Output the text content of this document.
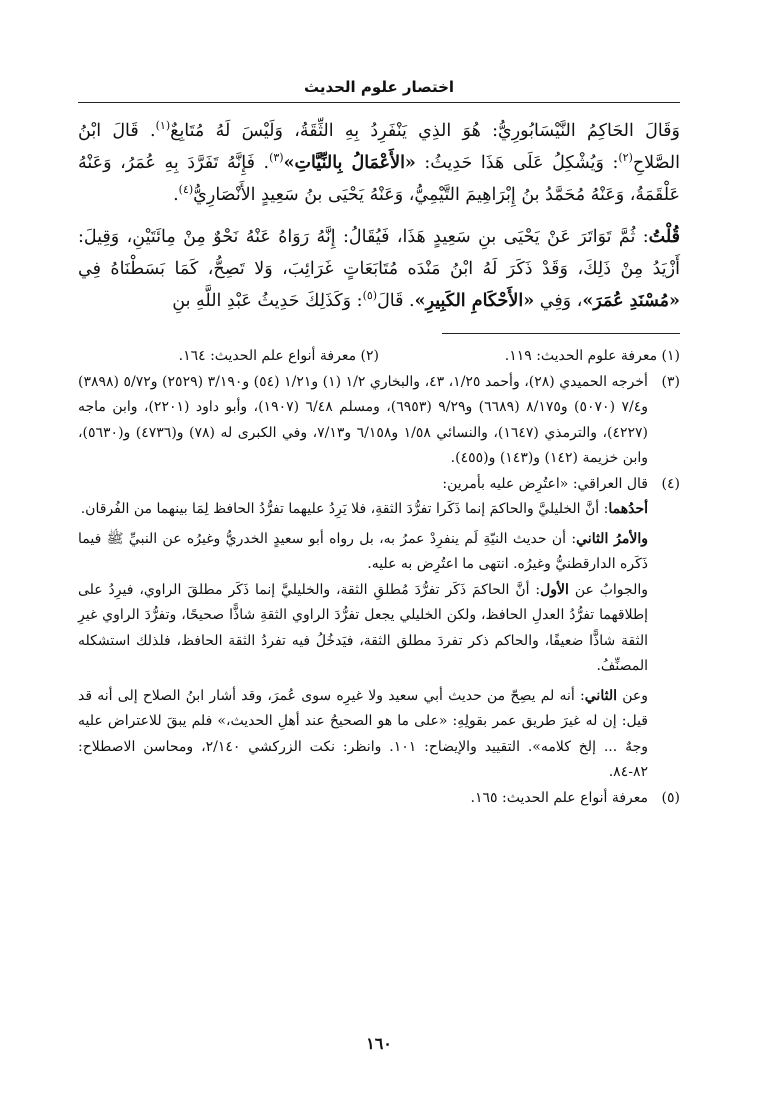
اختصار علوم الحديث

وَقَالَ الحَاكِمُ النَّيْسَابُورِيُّ: هُوَ الذِي يَنْفَرِدُ بِهِ الثِّقَةُ، وَلَيْسَ لَهُ مُتَابِعٌ$^{(١)}$. قَالَ ابْنُ الصَّلاحِ$^{(٢)}$: وَيُشْكِلُ عَلَى هَذَا حَدِيثُ: «الأَعْمَالُ بِالنِّيَّاتِ»$^{(٣)}$. فَإِنَّهُ تَفَرَّدَ بِهِ عُمَرُ، وَعَنْهُ عَلْقَمَةُ، وَعَنْهُ مُحَمَّدُ بنُ إِبْرَاهِيمَ التَّيْمِيُّ، وَعَنْهُ يَحْيَى بنُ سَعِيدٍ الأَنْصَارِيُّ$^{(٤)}$.

قُلْتُ: ثُمَّ تَوَاتَرَ عَنْ يَحْيَى بنِ سَعِيدٍ هَذَا، فَيُقَالُ: إِنَّهُ رَوَاهُ عَنْهُ نَحْوٌ مِنْ مِائَتَيْنِ، وَقِيلَ: أَزْيَدُ مِنْ ذَلِكَ، وَقَدْ ذَكَرَ لَهُ ابْنُ مَنْدَه مُتَابَعَاتٍ غَرَائِبَ، وَلا تَصِحُّ، كَمَا بَسَطْنَاهُ فِي «مُسْنَدِ عُمَرَ»، وَفِي «الأَحْكَامِ الكَبِيرِ». قَالَ$^{(٥)}$: وَكَذَلِكَ حَدِيثُ عَبْدِ اللَّهِ بنِ

(١) معرفة علوم الحديث: ١١٩.
(٢) معرفة أنواع علم الحديث: ١٦٤.
(٣)
أخرجه الحميدي (٢٨)، وأحمد ١/٢٥، ٤٣، والبخاري ١/٢ (١) و١/٢١ (٥٤) و٣/١٩٠ (٢٥٢٩) و٥/٧٢ (٣٨٩٨) و٧/٤ (٥٠٧٠) و٨/١٧٥ (٦٦٨٩) و٩/٢٩ (٦٩٥٣)، ومسلم ٦/٤٨ (١٩٠٧)، وأبو داود (٢٢٠١)، وابن ماجه (٤٢٢٧)، والترمذي (١٦٤٧)، والنسائي ١/٥٨ و٦/١٥٨ و٧/١٣، وفي الكبرى له (٧٨) و(٤٧٣٦) و(٥٦٣٠)، وابن خزيمة (١٤٢) و(١٤٣) و(٤٥٥).
(٤)

قال العراقي: «اعتُرِض عليه بأمرين:

أحدُهما: أنَّ الخليليَّ والحاكمَ إنما ذَكَرا تفرُّدَ الثقةِ، فلا يَرِدُ عليهما تفرُّدُ الحافظ لِمَا بينهما من الفُرقان.

والأمرُ الثاني: أن حديث النيّةِ لَم ينفرِدْ عمرُ به، بل رواه أبو سعيدٍ الخدريُّ وغيرُه عن النبيِّ ﷺ فيما ذَكَره الدارقطنيُّ وغيرُه. انتهى ما اعتُرِض به عليه.

والجوابُ عن الأول: أنَّ الحاكمَ ذَكَر تفرُّدَ مُطلقِ الثقة، والخليليَّ إنما ذَكَر مطلقَ الراوي، فيرِدُ على إطلاقهما تفرُّدُ العدلِ الحافظ، ولكن الخليلي يجعل تفرُّدَ الراوي الثقةِ شاذًّا صحيحًا، وتفرُّدَ الراوي غيرِ الثقة شاذًّا ضعيفًا، والحاكم ذكر تفردَ مطلق الثقة، فيَدخُلُ فيه تفردُ الثقة الحافظ، فلذلك استشكله المصنِّفُ.

وعن الثاني: أنه لم يصِحّ من حديث أبي سعيد ولا غيرِه سوى عُمرَ، وقد أشار ابنُ الصلاح إلى أنه قد قيل: إن له غيرَ طريق عمر بقولِهِ: «على ما هو الصحيحُ عند أهلِ الحديث،» فلم يبقَ للاعتراض عليه وجهٌ ... إلخ كلامه». التقييد والإيضاح: ١٠١. وانظر: نكت الزركشي ٢/١٤٠، ومحاسن الاصطلاح: ٨٢-٨٤.

(٥)
معرفة أنواع علم الحديث: ١٦٥.
١٦٠
